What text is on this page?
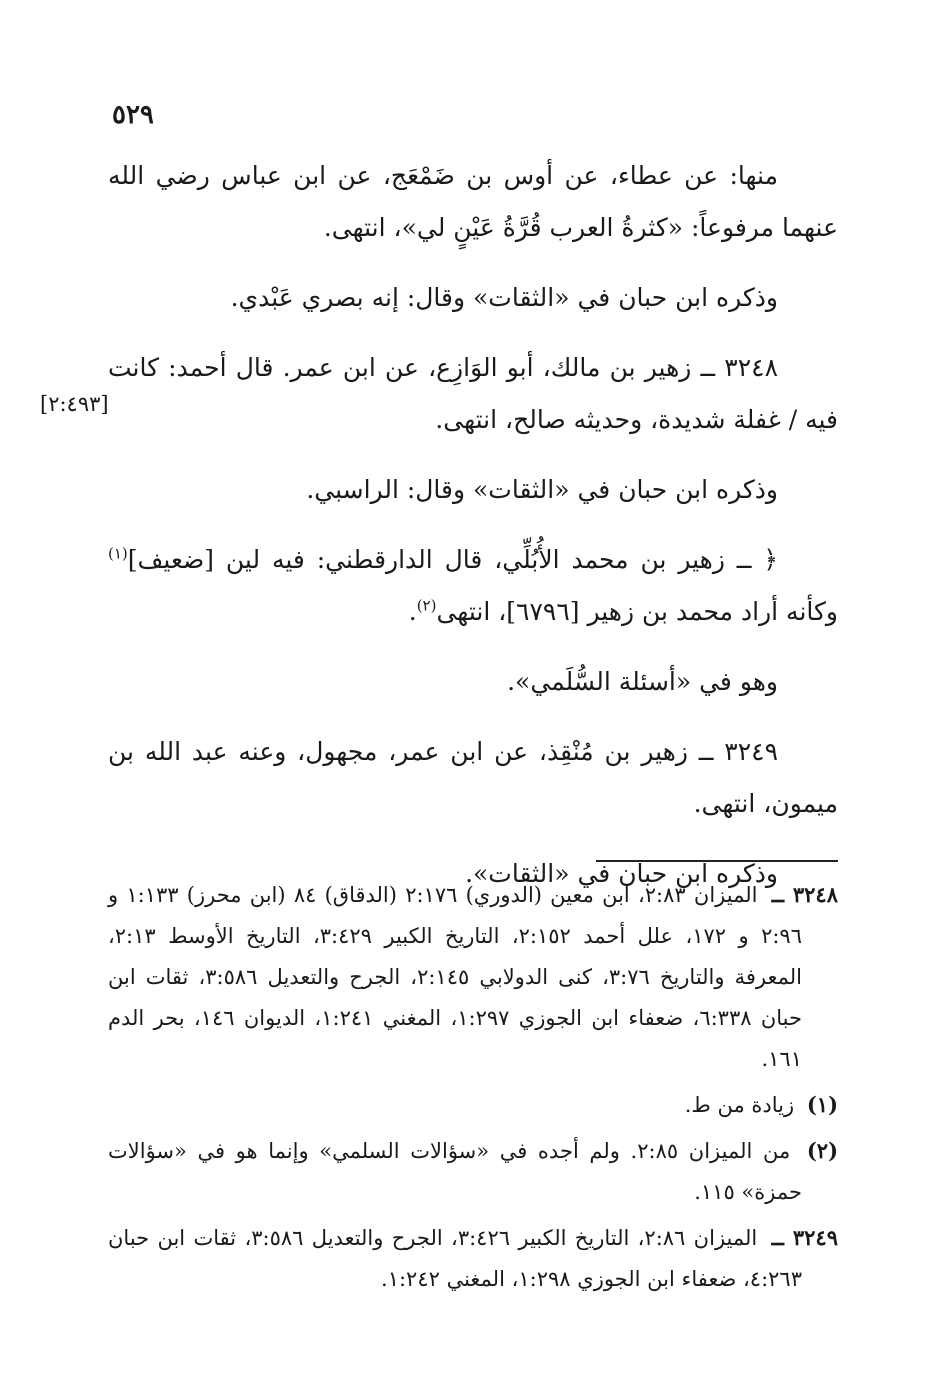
٥٢٩
[٢:٤٩٣]

منها: عن عطاء، عن أوس بن ضَمْعَج، عن ابن عباس رضي الله عنهما مرفوعاً: «كثرةُ العرب قُرَّةُ عَيْنٍ لي»، انتهى.

وذكره ابن حبان في «الثقات» وقال: إنه بصري عَبْدي.

٣٢٤٨ ــ زهير بن مالك، أبو الوَازِع، عن ابن عمر. قال أحمد: كانت فيه / غفلة شديدة، وحديثه صالح، انتهى.

وذكره ابن حبان في «الثقات» وقال: الراسبي.

﴿ ــ زهير بن محمد الأُبُلِّي، قال الدارقطني: فيه لين [ضعيف]$^{(١)}$ وكأنه أراد محمد بن زهير [٦٧٩٦]، انتهى$^{(٢)}$.

وهو في «أسئلة السُّلَمي».

٣٢٤٩ ــ زهير بن مُنْقِذ، عن ابن عمر، مجهول، وعنه عبد الله بن ميمون، انتهى.

وذكره ابن حبان في «الثقات».

٣٢٤٨ ــ الميزان ٢:٨٣، ابن معين (الدوري) ٢:١٧٦ (الدقاق) ٨٤ (ابن محرز) ١:١٣٣ و ٢:٩٦ و ١٧٢، علل أحمد ٢:١٥٢، التاريخ الكبير ٣:٤٢٩، التاريخ الأوسط ٢:١٣، المعرفة والتاريخ ٣:٧٦، كنى الدولابي ٢:١٤٥، الجرح والتعديل ٣:٥٨٦، ثقات ابن حبان ٦:٣٣٨، ضعفاء ابن الجوزي ١:٢٩٧، المغني ١:٢٤١، الديوان ١٤٦، بحر الدم ١٦١.

(١) زيادة من ط.

(٢) من الميزان ٢:٨٥. ولم أجده في «سؤالات السلمي» وإنما هو في «سؤالات حمزة» ١١٥.

٣٢٤٩ ــ الميزان ٢:٨٦، التاريخ الكبير ٣:٤٢٦، الجرح والتعديل ٣:٥٨٦، ثقات ابن حبان ٤:٢٦٣، ضعفاء ابن الجوزي ١:٢٩٨، المغني ١:٢٤٢.
